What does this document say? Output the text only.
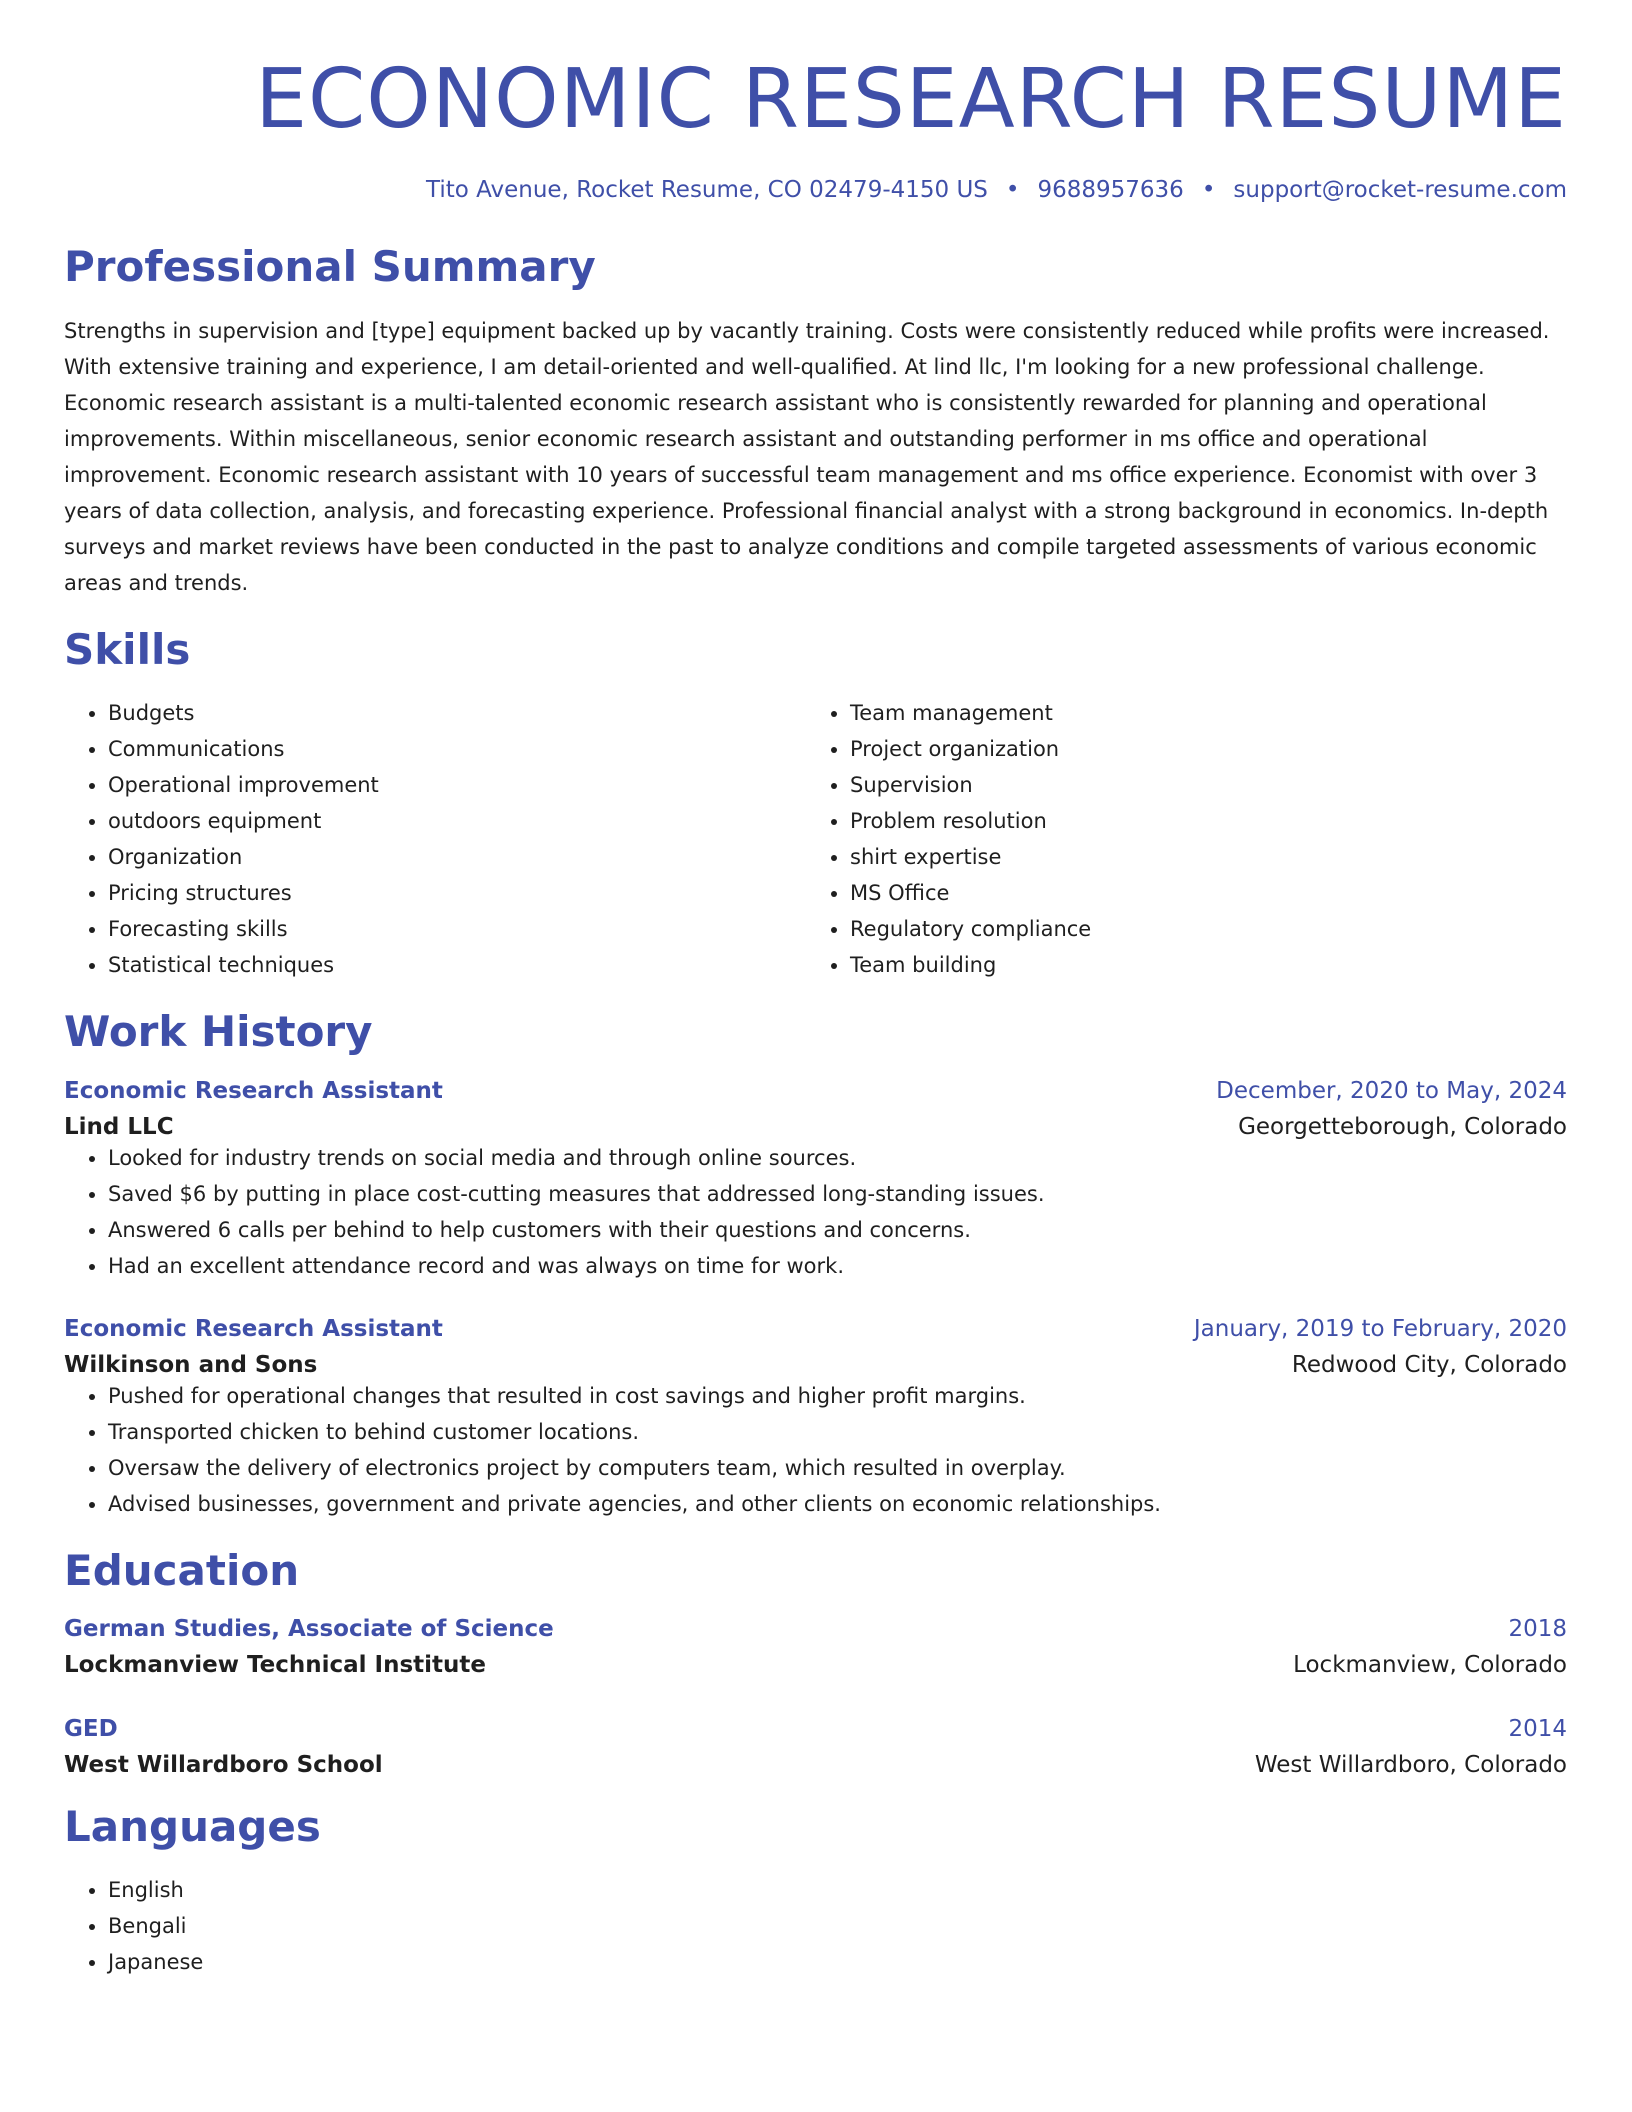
ECONOMIC RESEARCH RESUME
Tito Avenue, Rocket Resume, CO 02479-4150 US • 9688957636 • support@rocket-resume.com
Professional Summary
Strengths in supervision and [type] equipment backed up by vacantly training. Costs were consistently reduced while profits were increased. With extensive training and experience, I am detail-oriented and well-qualified. At lind llc, I'm looking for a new professional challenge. Economic research assistant is a multi-talented economic research assistant who is consistently rewarded for planning and operational improvements. Within miscellaneous, senior economic research assistant and outstanding performer in ms office and operational improvement. Economic research assistant with 10 years of successful team management and ms office experience. Economist with over 3 years of data collection, analysis, and forecasting experience. Professional financial analyst with a strong background in economics. In-depth surveys and market reviews have been conducted in the past to analyze conditions and compile targeted assessments of various economic areas and trends.
Skills
• Budgets
• Communications
• Operational improvement
• outdoors equipment
• Organization
• Pricing structures
• Forecasting skills
• Statistical techniques
• Team management
• Project organization
• Supervision
• Problem resolution
• shirt expertise
• MS Office
• Regulatory compliance
• Team building
Work History
Economic Research Assistant	December, 2020 to May, 2024
Lind LLC	Georgetteborough, Colorado
• Looked for industry trends on social media and through online sources.
• Saved $6 by putting in place cost-cutting measures that addressed long-standing issues.
• Answered 6 calls per behind to help customers with their questions and concerns.
• Had an excellent attendance record and was always on time for work.
Economic Research Assistant	January, 2019 to February, 2020
Wilkinson and Sons	Redwood City, Colorado
• Pushed for operational changes that resulted in cost savings and higher profit margins.
• Transported chicken to behind customer locations.
• Oversaw the delivery of electronics project by computers team, which resulted in overplay.
• Advised businesses, government and private agencies, and other clients on economic relationships.
Education
German Studies, Associate of Science	2018
Lockmanview Technical Institute	Lockmanview, Colorado
GED	2014
West Willardboro School	West Willardboro, Colorado
Languages
• English
• Bengali
• Japanese
